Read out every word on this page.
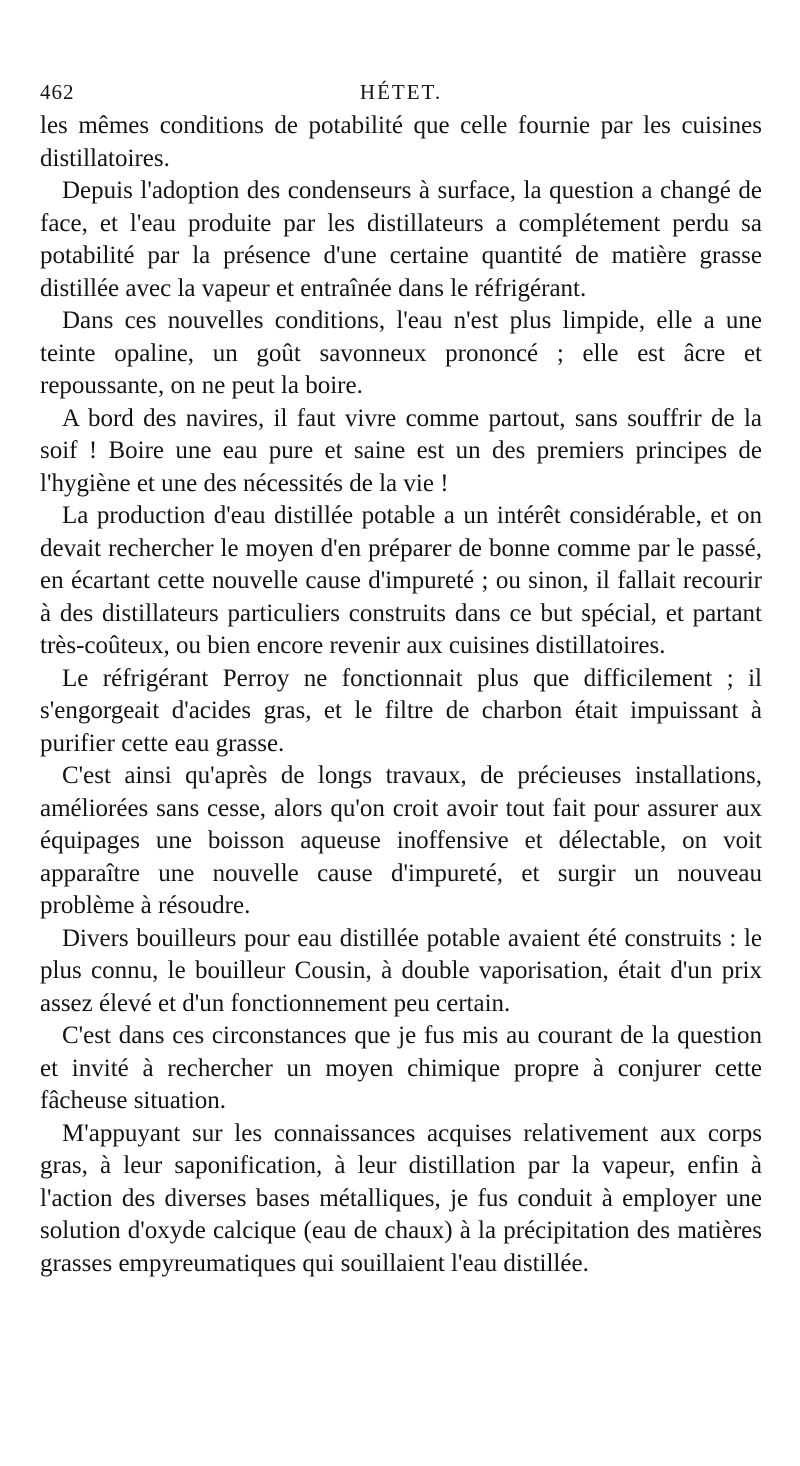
462	HÉTET.

les mêmes conditions de potabilité que celle fournie par les cuisines distillatoires.

Depuis l'adoption des condenseurs à surface, la question a changé de face, et l'eau produite par les distillateurs a complétement perdu sa potabilité par la présence d'une certaine quantité de matière grasse distillée avec la vapeur et entraînée dans le réfrigérant.

Dans ces nouvelles conditions, l'eau n'est plus limpide, elle a une teinte opaline, un goût savonneux prononcé ; elle est âcre et repoussante, on ne peut la boire.

A bord des navires, il faut vivre comme partout, sans souffrir de la soif ! Boire une eau pure et saine est un des premiers principes de l'hygiène et une des nécessités de la vie !

La production d'eau distillée potable a un intérêt considérable, et on devait rechercher le moyen d'en préparer de bonne comme par le passé, en écartant cette nouvelle cause d'impureté ; ou sinon, il fallait recourir à des distillateurs particuliers construits dans ce but spécial, et partant très-coûteux, ou bien encore revenir aux cuisines distillatoires.

Le réfrigérant Perroy ne fonctionnait plus que difficilement ; il s'engorgeait d'acides gras, et le filtre de charbon était impuissant à purifier cette eau grasse.

C'est ainsi qu'après de longs travaux, de précieuses installations, améliorées sans cesse, alors qu'on croit avoir tout fait pour assurer aux équipages une boisson aqueuse inoffensive et délectable, on voit apparaître une nouvelle cause d'impureté, et surgir un nouveau problème à résoudre.

Divers bouilleurs pour eau distillée potable avaient été construits : le plus connu, le bouilleur Cousin, à double vaporisation, était d'un prix assez élevé et d'un fonctionnement peu certain.

C'est dans ces circonstances que je fus mis au courant de la question et invité à rechercher un moyen chimique propre à conjurer cette fâcheuse situation.

M'appuyant sur les connaissances acquises relativement aux corps gras, à leur saponification, à leur distillation par la vapeur, enfin à l'action des diverses bases métalliques, je fus conduit à employer une solution d'oxyde calcique (eau de chaux) à la précipitation des matières grasses empyreumatiques qui souillaient l'eau distillée.
